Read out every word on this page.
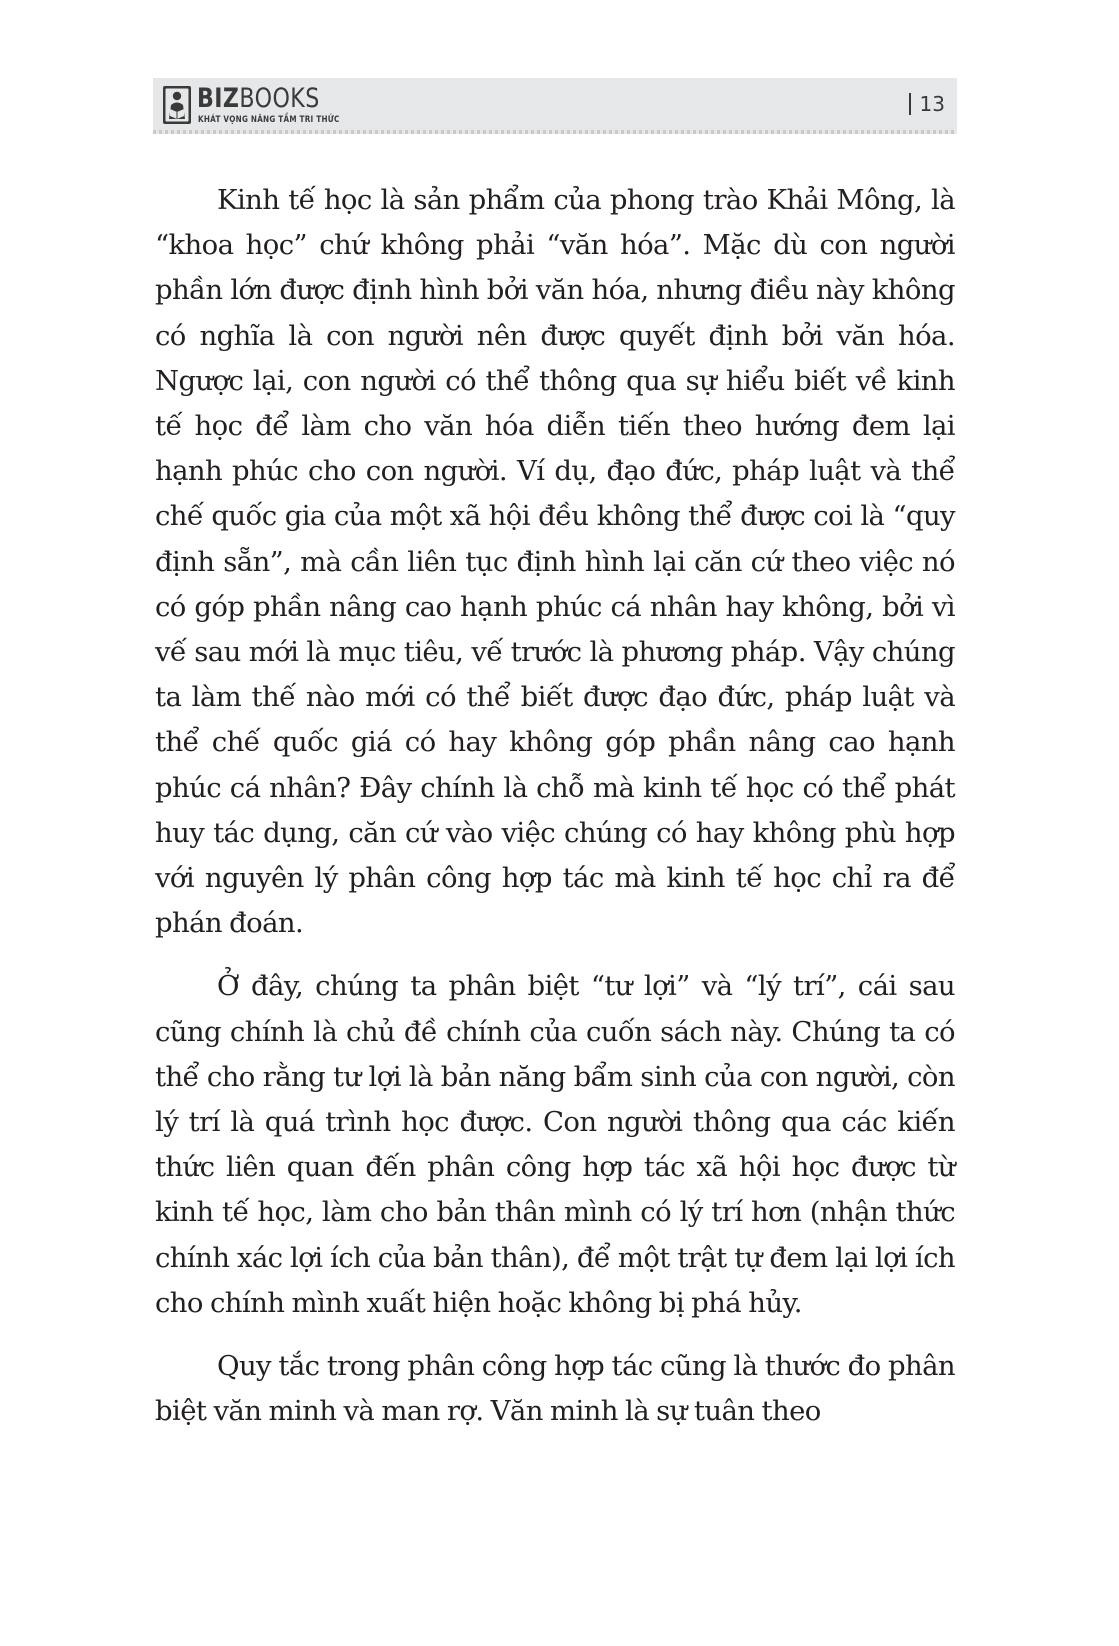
BIZBOOKS
KHÁT VỌNG NÂNG TẦM TRI THỨC
13

Kinh tế học là sản phẩm của phong trào Khải Mông, là “khoa học” chứ không phải “văn hóa”. Mặc dù con người phần lớn được định hình bởi văn hóa, nhưng điều này không có nghĩa là con người nên được quyết định bởi văn hóa. Ngược lại, con người có thể thông qua sự hiểu biết về kinh tế học để làm cho văn hóa diễn tiến theo hướng đem lại hạnh phúc cho con người. Ví dụ, đạo đức, pháp luật và thể chế quốc gia của một xã hội đều không thể được coi là “quy định sẵn”, mà cần liên tục định hình lại căn cứ theo việc nó có góp phần nâng cao hạnh phúc cá nhân hay không, bởi vì vế sau mới là mục tiêu, vế trước là phương pháp. Vậy chúng ta làm thế nào mới có thể biết được đạo đức, pháp luật và thể chế quốc giá có hay không góp phần nâng cao hạnh phúc cá nhân? Đây chính là chỗ mà kinh tế học có thể phát huy tác dụng, căn cứ vào việc chúng có hay không phù hợp với nguyên lý phân công hợp tác mà kinh tế học chỉ ra để phán đoán.

Ở đây, chúng ta phân biệt “tư lợi” và “lý trí”, cái sau cũng chính là chủ đề chính của cuốn sách này. Chúng ta có thể cho rằng tư lợi là bản năng bẩm sinh của con người, còn lý trí là quá trình học được. Con người thông qua các kiến thức liên quan đến phân công hợp tác xã hội học được từ kinh tế học, làm cho bản thân mình có lý trí hơn (nhận thức chính xác lợi ích của bản thân), để một trật tự đem lại lợi ích cho chính mình xuất hiện hoặc không bị phá hủy.

Quy tắc trong phân công hợp tác cũng là thước đo phân biệt văn minh và man rợ. Văn minh là sự tuân theo
